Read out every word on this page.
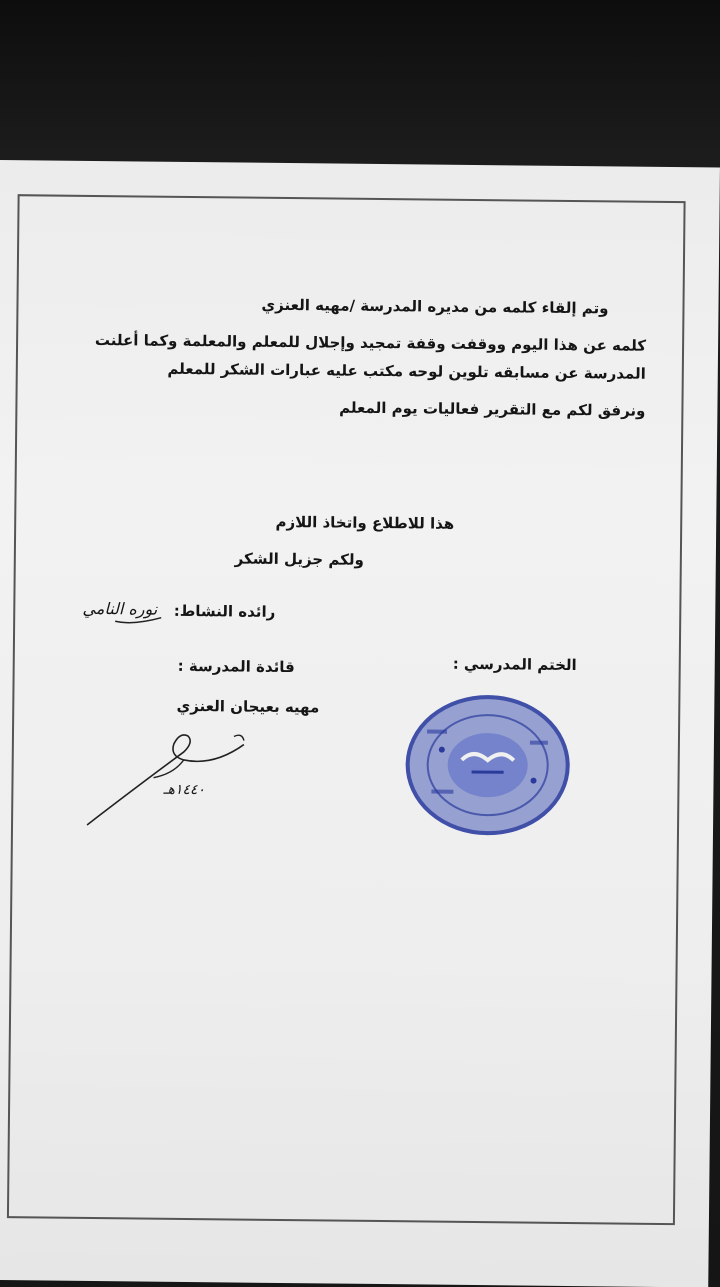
وتم إلقاء كلمه من مديره المدرسة /مهيه العنزي
كلمه عن هذا اليوم ووقفت وقفة تمجيد وإجلال للمعلم والمعلمة وكما أعلنت
المدرسة عن مسابقه تلوين لوحه مكتب عليه عبارات الشكر للمعلم
ونرفق لكم مع التقرير فعاليات يوم المعلم
هذا للاطلاع واتخاذ اللازم
ولكم جزيل الشكر
رائده النشاط:
نوره النامي
الختم المدرسي :
قائدة المدرسة :
مهيه بعيجان العنزي
١٤٤٠هـ
